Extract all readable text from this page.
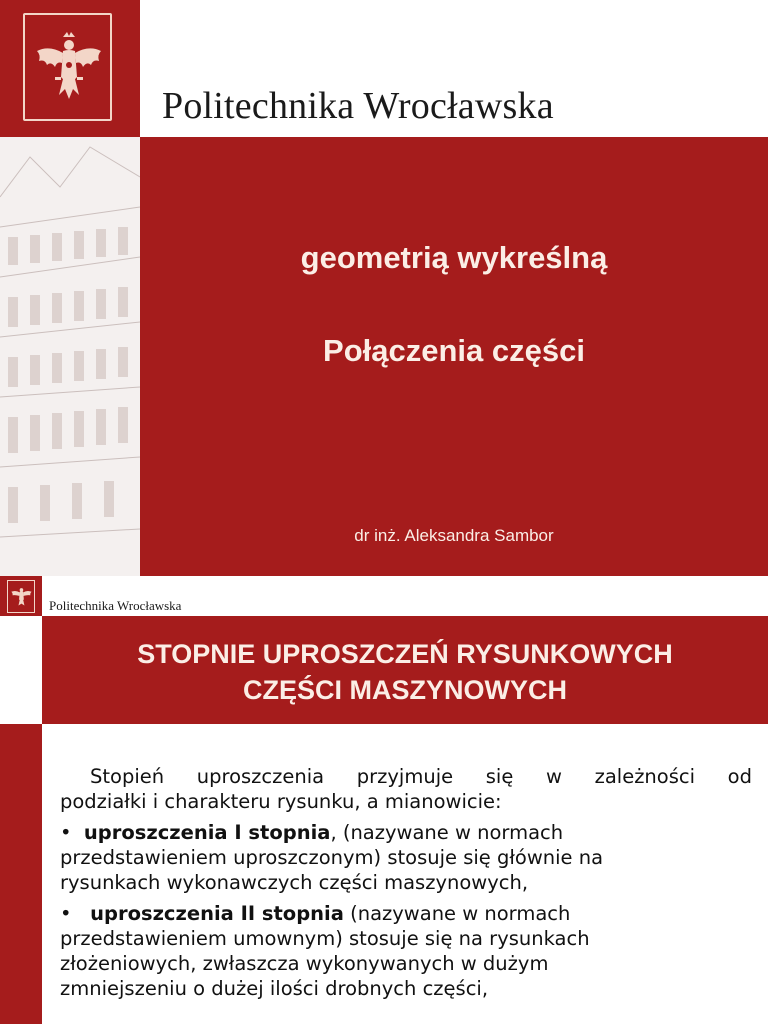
Politechnika Wrocławska
geometrią wykreślną
Połączenia części
dr inż. Aleksandra Sambor
Politechnika Wrocławska
STOPNIE UPROSZCZEŃ RYSUNKOWYCH
CZĘŚCI MASZYNOWYCH
Stopień uproszczenia przyjmuje się w zależności od
podziałki i charakteru rysunku, a mianowicie:
• uproszczenia I stopnia, (nazywane w normach
przedstawieniem uproszczonym) stosuje się głównie na
rysunkach wykonawczych części maszynowych,
• uproszczenia II stopnia (nazywane w normach
przedstawieniem umownym) stosuje się na rysunkach
złożeniowych, zwłaszcza wykonywanych w dużym
zmniejszeniu o dużej ilości drobnych części,
